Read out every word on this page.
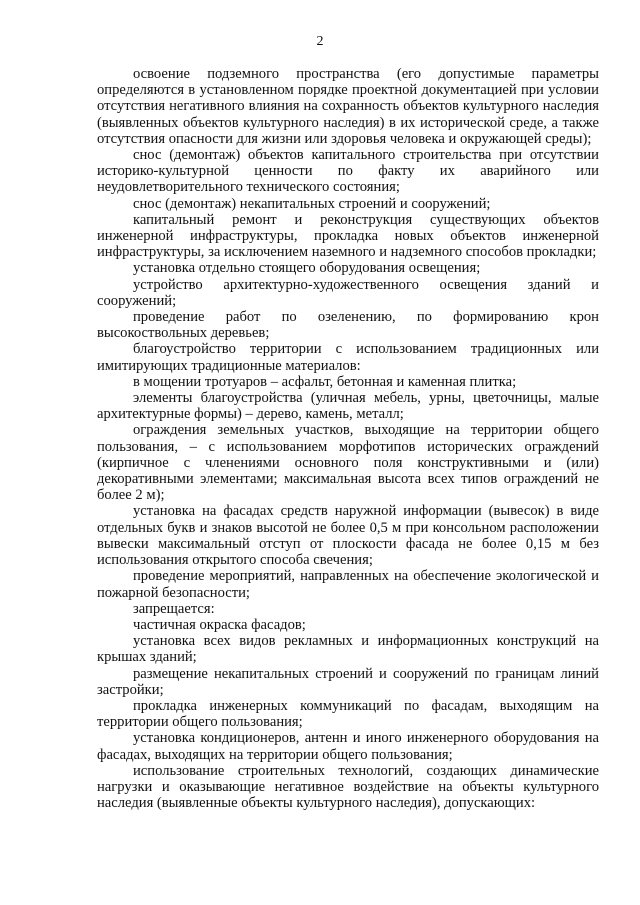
2

освоение подземного пространства (его допустимые параметры определяются в установленном порядке проектной документацией при условии отсутствия негативного влияния на сохранность объектов культурного наследия (выявленных объектов культурного наследия) в их исторической среде, а также отсутствия опасности для жизни или здоровья человека и окружающей среды);

снос (демонтаж) объектов капитального строительства при отсутствии историко-культурной ценности по факту их аварийного или неудовлетворительного технического состояния;

снос (демонтаж) некапитальных строений и сооружений;

капитальный ремонт и реконструкция существующих объектов инженерной инфраструктуры, прокладка новых объектов инженерной инфраструктуры, за исключением наземного и надземного способов прокладки;

установка отдельно стоящего оборудования освещения;

устройство архитектурно-художественного освещения зданий и сооружений;

проведение работ по озеленению, по формированию крон высокоствольных деревьев;

благоустройство территории с использованием традиционных или имитирующих традиционные материалов:

в мощении тротуаров – асфальт, бетонная и каменная плитка;

элементы благоустройства (уличная мебель, урны, цветочницы, малые архитектурные формы) – дерево, камень, металл;

ограждения земельных участков, выходящие на территории общего пользования, – с использованием морфотипов исторических ограждений (кирпичное с членениями основного поля конструктивными и (или) декоративными элементами; максимальная высота всех типов ограждений не более 2 м);

установка на фасадах средств наружной информации (вывесок) в виде отдельных букв и знаков высотой не более 0,5 м при консольном расположении вывески максимальный отступ от плоскости фасада не более 0,15 м без использования открытого способа свечения;

проведение мероприятий, направленных на обеспечение экологической и пожарной безопасности;

запрещается:

частичная окраска фасадов;

установка всех видов рекламных и информационных конструкций на крышах зданий;

размещение некапитальных строений и сооружений по границам линий застройки;

прокладка инженерных коммуникаций по фасадам, выходящим на территории общего пользования;

установка кондиционеров, антенн и иного инженерного оборудования на фасадах, выходящих на территории общего пользования;

использование строительных технологий, создающих динамические нагрузки и оказывающие негативное воздействие на объекты культурного наследия (выявленные объекты культурного наследия), допускающих:
